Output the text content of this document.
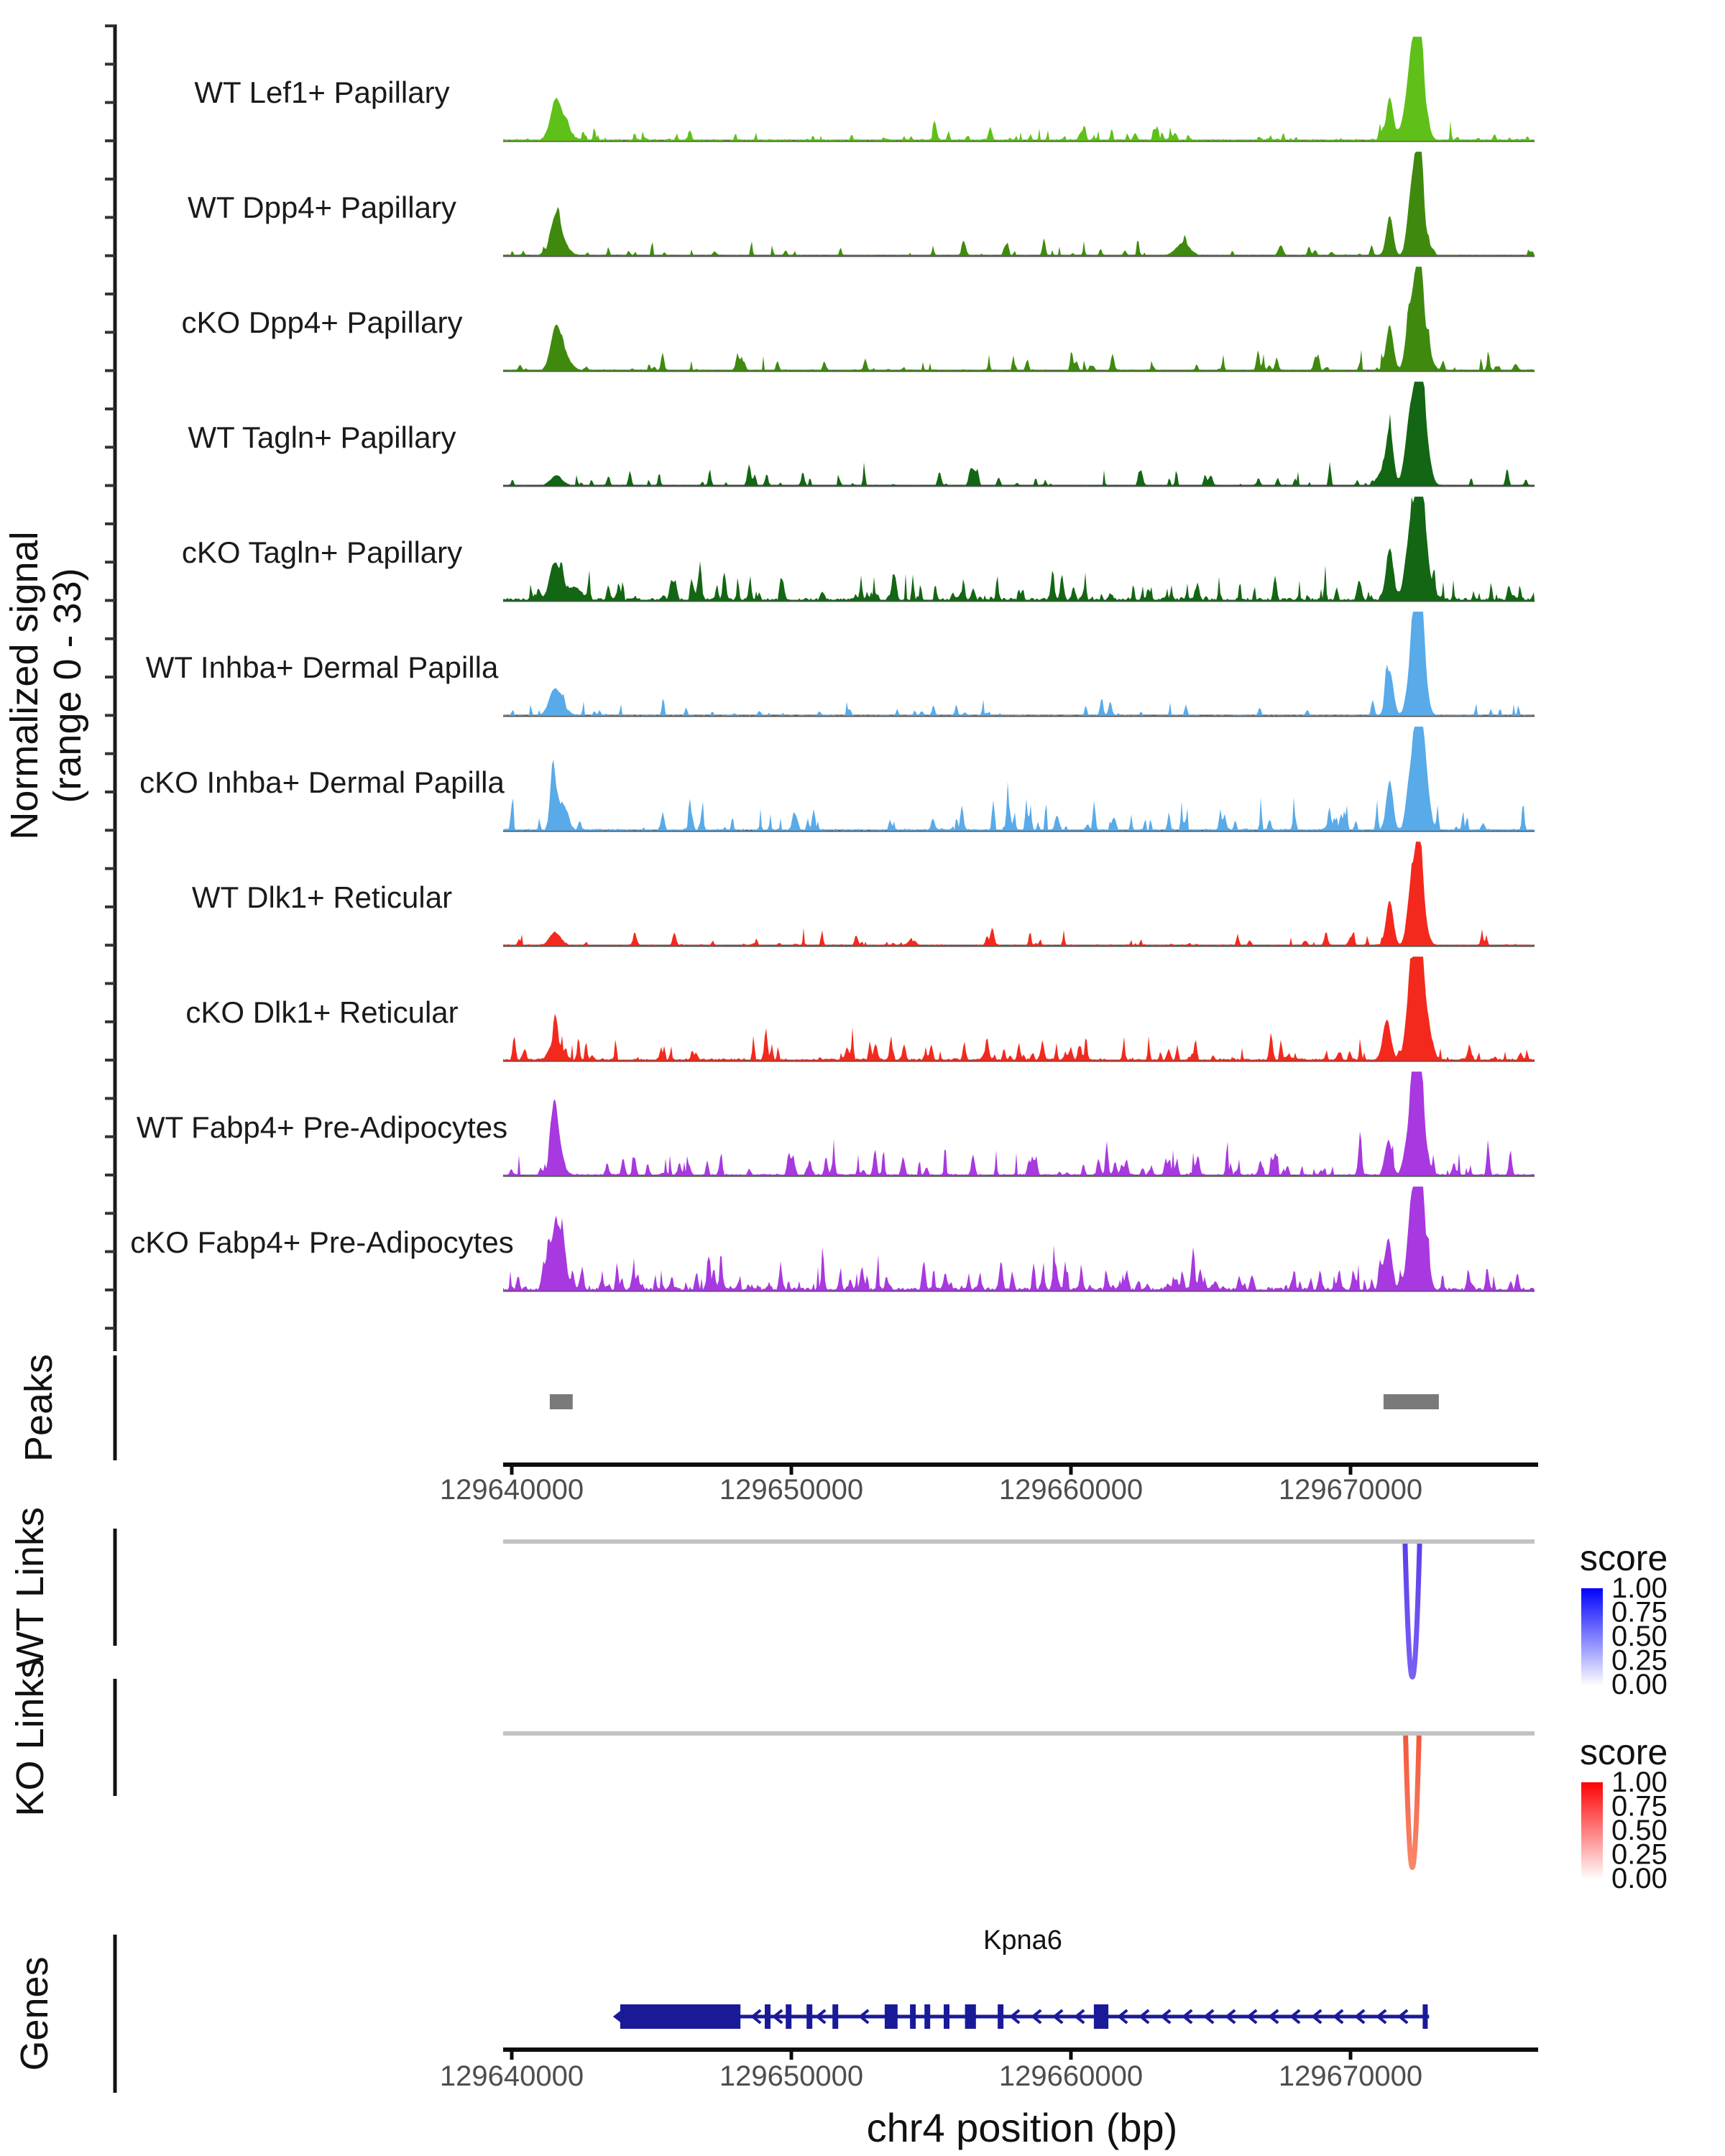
Normalized signal (range 0 - 33)
WT Lef1+ Papillary
WT Dpp4+ Papillary
cKO Dpp4+ Papillary
WT Tagln+ Papillary
cKO Tagln+ Papillary
WT Inhba+ Dermal Papilla
cKO Inhba+ Dermal Papilla
WT Dlk1+ Reticular
cKO Dlk1+ Reticular
WT Fabp4+ Pre-Adipocytes
cKO Fabp4+ Pre-Adipocytes
Peaks
129640000	129650000	129660000	129670000
WT Links	score
1.00
0.75
0.50
0.25
0.00
KO Links	score
1.00
0.75
0.50
0.25
0.00
Genes
Kpna6
129640000	129650000	129660000	129670000
chr4 position (bp)
